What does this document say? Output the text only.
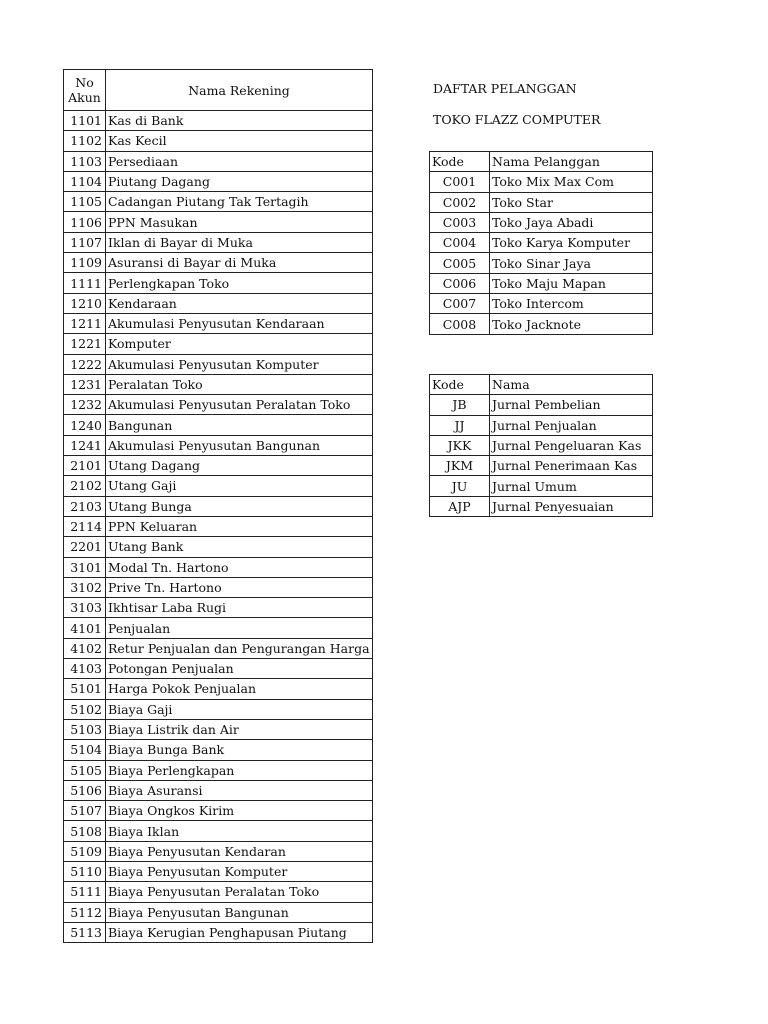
No Akun	Nama Rekening
1101	Kas di Bank
1102	Kas Kecil
1103	Persediaan
1104	Piutang Dagang
1105	Cadangan Piutang Tak Tertagih
1106	PPN Masukan
1107	Iklan di Bayar di Muka
1109	Asuransi di Bayar di Muka
1111	Perlengkapan Toko
1210	Kendaraan
1211	Akumulasi Penyusutan Kendaraan
1221	Komputer
1222	Akumulasi Penyusutan Komputer
1231	Peralatan Toko
1232	Akumulasi Penyusutan Peralatan Toko
1240	Bangunan
1241	Akumulasi Penyusutan Bangunan
2101	Utang Dagang
2102	Utang Gaji
2103	Utang Bunga
2114	PPN Keluaran
2201	Utang Bank
3101	Modal Tn. Hartono
3102	Prive Tn. Hartono
3103	Ikhtisar Laba Rugi
4101	Penjualan
4102	Retur Penjualan dan Pengurangan Harga
4103	Potongan Penjualan
5101	Harga Pokok Penjualan
5102	Biaya Gaji
5103	Biaya Listrik dan Air
5104	Biaya Bunga Bank
5105	Biaya Perlengkapan
5106	Biaya Asuransi
5107	Biaya Ongkos Kirim
5108	Biaya Iklan
5109	Biaya Penyusutan Kendaran
5110	Biaya Penyusutan Komputer
5111	Biaya Penyusutan Peralatan Toko
5112	Biaya Penyusutan Bangunan
5113	Biaya Kerugian Penghapusan Piutang
DAFTAR PELANGGAN
TOKO FLAZZ COMPUTER
Kode	Nama Pelanggan
C001	Toko Mix Max Com
C002	Toko Star
C003	Toko Jaya Abadi
C004	Toko Karya Komputer
C005	Toko Sinar Jaya
C006	Toko Maju Mapan
C007	Toko Intercom
C008	Toko Jacknote
Kode	Nama
JB	Jurnal Pembelian
JJ	Jurnal Penjualan
JKK	Jurnal Pengeluaran Kas
JKM	Jurnal Penerimaan Kas
JU	Jurnal Umum
AJP	Jurnal Penyesuaian
